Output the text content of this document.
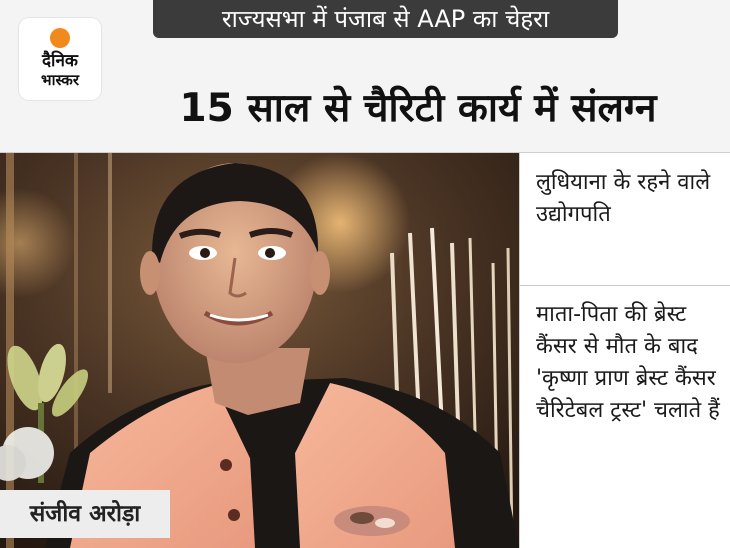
दैनिक
भास्कर
राज्यसभा में पंजाब से AAP का चेहरा
15 साल से चैरिटी कार्य में संलग्न
संजीव अरोड़ा
लुधियाना के रहने वाले उद्योगपति
माता-पिता की ब्रेस्ट कैंसर से मौत के बाद 'कृष्णा प्राण ब्रेस्ट कैंसर चैरिटेबल ट्रस्ट' चलाते हैं
